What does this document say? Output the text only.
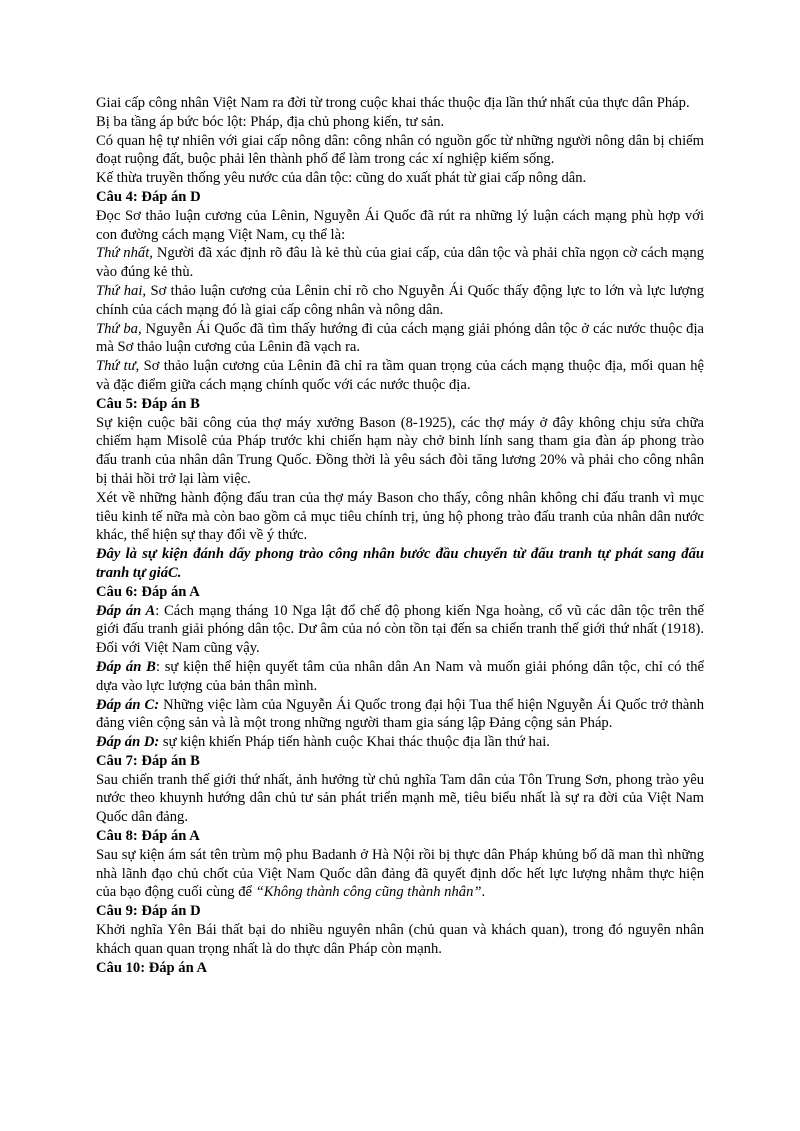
Giai cấp công nhân Việt Nam ra đời từ trong cuộc khai thác thuộc địa lần thứ nhất của thực dân Pháp.

Bị ba tầng áp bức bóc lột: Pháp, địa chủ phong kiến, tư sản.

Có quan hệ tự nhiên với giai cấp nông dân: công nhân có nguồn gốc từ những người nông dân bị chiếm đoạt ruộng đất, buộc phải lên thành phố để làm trong các xí nghiệp kiếm sống.

Kế thừa truyền thống yêu nước của dân tộc: cũng do xuất phát từ giai cấp nông dân.

Câu 4: Đáp án D

Đọc Sơ thảo luận cương của Lênin, Nguyễn Ái Quốc đã rút ra những lý luận cách mạng phù hợp với con đường cách mạng Việt Nam, cụ thể là:

Thứ nhất, Người đã xác định rõ đâu là kẻ thù của giai cấp, của dân tộc và phải chĩa ngọn cờ cách mạng vào đúng kẻ thù.

Thứ hai, Sơ thảo luận cương của Lênin chỉ rõ cho Nguyễn Ái Quốc thấy động lực to lớn và lực lượng chính của cách mạng đó là giai cấp công nhân và nông dân.

Thứ ba, Nguyễn Ái Quốc đã tìm thấy hướng đi của cách mạng giải phóng dân tộc ở các nước thuộc địa mà Sơ thảo luận cương của Lênin đã vạch ra.

Thứ tư, Sơ thảo luận cương của Lênin đã chỉ ra tầm quan trọng của cách mạng thuộc địa, mối quan hệ và đặc điểm giữa cách mạng chính quốc với các nước thuộc địa.

Câu 5: Đáp án B

Sự kiện cuộc bãi công của thợ máy xưởng Bason (8-1925), các thợ máy ở đây không chịu sửa chữa chiếm hạm Misolê của Pháp trước khi chiến hạm này chở binh lính sang tham gia đàn áp phong trào đấu tranh của nhân dân Trung Quốc. Đồng thời là yêu sách đòi tăng lương 20% và phải cho công nhân bị thải hồi trở lại làm việc.

Xét về những hành động đấu tran của thợ máy Bason cho thấy, công nhân không chỉ đấu tranh vì mục tiêu kinh tế nữa mà còn bao gồm cả mục tiêu chính trị, ủng hộ phong trào đấu tranh của nhân dân nước khác, thể hiện sự thay đổi về ý thức.

Đây là sự kiện đánh dấy phong trào công nhân bước đầu chuyển từ đấu tranh tự phát sang đấu tranh tự giáC.

Câu 6: Đáp án A

Đáp án A: Cách mạng tháng 10 Nga lật đổ chế độ phong kiến Nga hoàng, cổ vũ các dân tộc trên thế giới đấu tranh giải phóng dân tộc. Dư âm của nó còn tồn tại đến sa chiến tranh thế giới thứ nhất (1918). Đối với Việt Nam cũng vậy.

Đáp án B: sự kiện thể hiện quyết tâm của nhân dân An Nam và muốn giải phóng dân tộc, chỉ có thể dựa vào lực lượng của bản thân mình.

Đáp án C: Những việc làm của Nguyễn Ái Quốc trong đại hội Tua thể hiện Nguyễn Ái Quốc trở thành đảng viên cộng sản và là một trong những người tham gia sáng lập Đảng cộng sản Pháp.

Đáp án D: sự kiện khiến Pháp tiến hành cuộc Khai thác thuộc địa lần thứ hai.

Câu 7: Đáp án B

Sau chiến tranh thế giới thứ nhất, ảnh hưởng từ chủ nghĩa Tam dân của Tôn Trung Sơn, phong trào yêu nước theo khuynh hướng dân chủ tư sản phát triển mạnh mẽ, tiêu biểu nhất là sự ra đời của Việt Nam Quốc dân đảng.

Câu 8: Đáp án A

Sau sự kiện ám sát tên trùm mộ phu Badanh ở Hà Nội rồi bị thực dân Pháp khủng bố dã man thì những nhà lãnh đạo chủ chốt của Việt Nam Quốc dân đảng đã quyết định dốc hết lực lượng nhằm thực hiện của bạo động cuối cùng để “Không thành công cũng thành nhân”.

Câu 9: Đáp án D

Khởi nghĩa Yên Bái thất bại do nhiều nguyên nhân (chủ quan và khách quan), trong đó nguyên nhân khách quan quan trọng nhất là do thực dân Pháp còn mạnh.

Câu 10: Đáp án A
